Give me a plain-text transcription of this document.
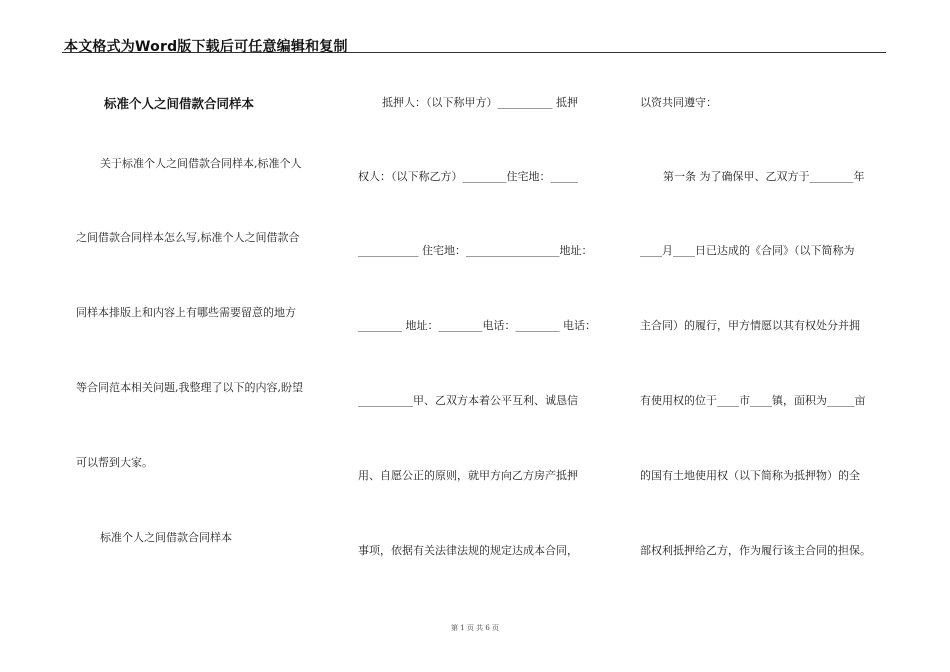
本文格式为Word版下载后可任意编辑和复制
标准个人之间借款合同样本
关于标准个人之间借款合同样本,标准个人
之间借款合同样本怎么写,标准个人之间借款合
同样本排版上和内容上有哪些需要留意的地方
等合同范本相关问题,我整理了以下的内容,盼望
可以帮到大家。
标准个人之间借款合同样本
抵押人：（以下称甲方）__________ 抵押
权人：（以下称乙方）________住宅地：_____
___________ 住宅地：_________________地址：
________ 地址：________电话：________ 电话：
__________甲、乙双方本着公平互利、诚恳信
用、自愿公正的原则，就甲方向乙方房产抵押
事项，依据有关法律法规的规定达成本合同，
以资共同遵守：
第一条 为了确保甲、乙双方于________年
____月____日已达成的《合同》（以下简称为
主合同）的履行，甲方情愿以其有权处分并拥
有使用权的位于____市____镇，面积为_____亩
的国有土地使用权（以下简称为抵押物）的全
部权利抵押给乙方，作为履行该主合同的担保。
第 1 页 共 6 页
